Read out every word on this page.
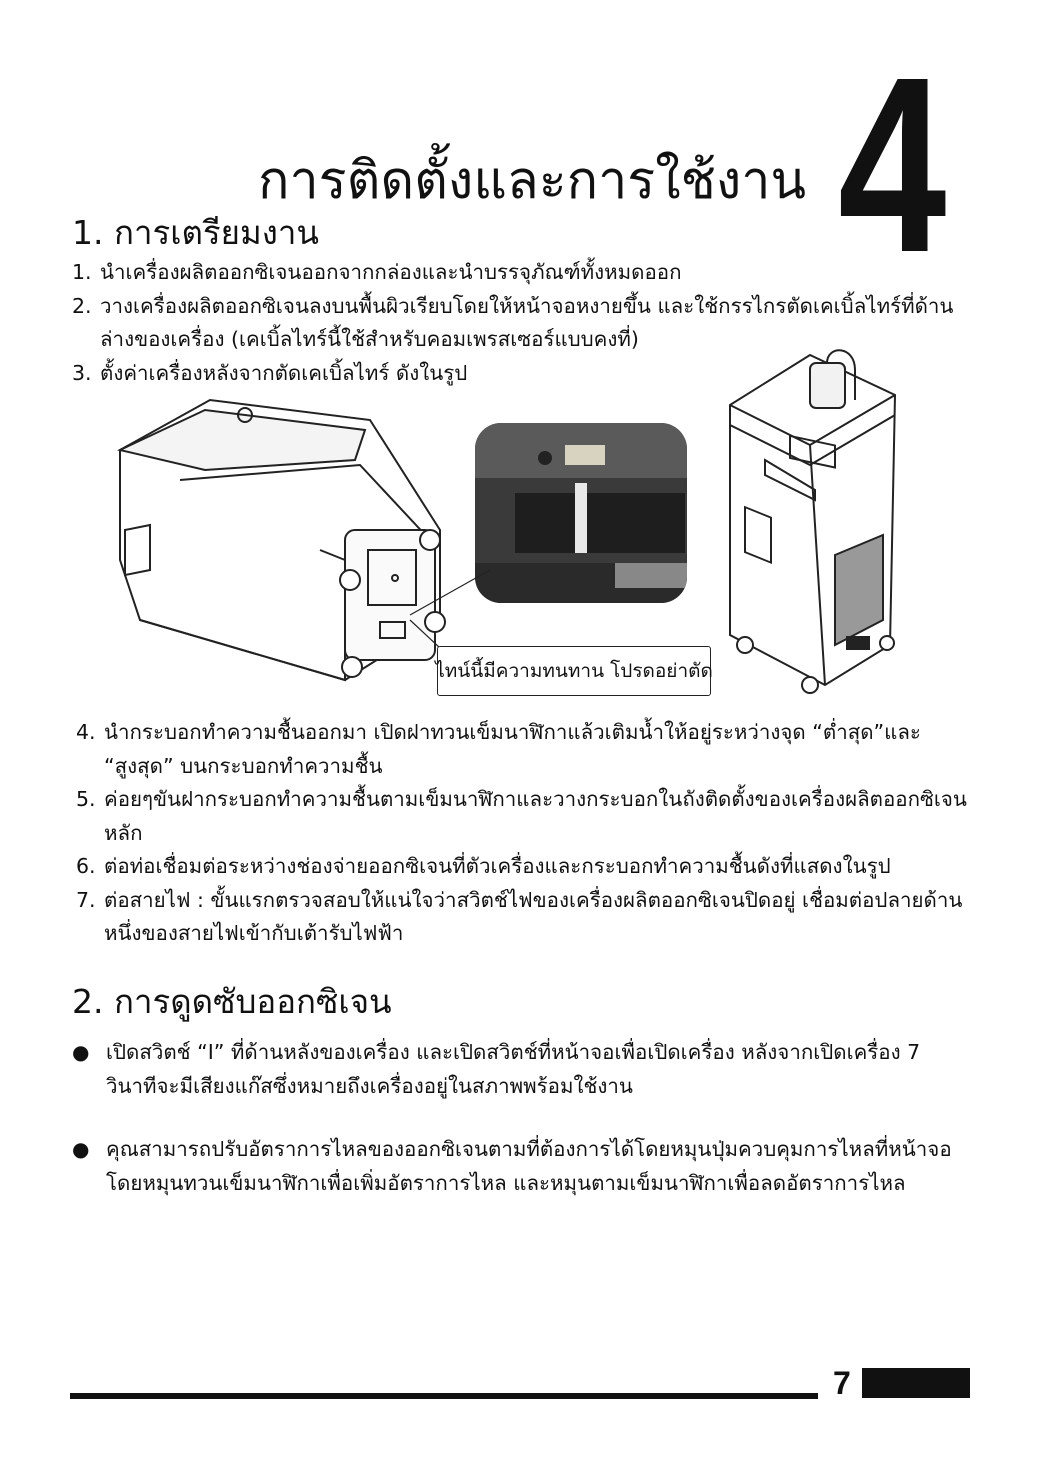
การติดตั้งและการใช้งาน 4
1. การเตรียมงาน
1. นำเครื่องผลิตออกซิเจนออกจากกล่องและนำบรรจุภัณฑ์ทั้งหมดออก
2. วางเครื่องผลิตออกซิเจนลงบนพื้นผิวเรียบโดยให้หน้าจอหงายขึ้น และใช้กรรไกรตัดเคเบิ้ลไทร์ที่ด้านล่างของเครื่อง (เคเบิ้ลไทร์นี้ใช้สำหรับคอมเพรสเซอร์แบบคงที่)
3. ตั้งค่าเครื่องหลังจากตัดเคเบิ้ลไทร์ ดังในรูป
ไทน์นี้มีความทนทาน โปรดอย่าตัด
4. นำกระบอกทำความชื้นออกมา เปิดฝาทวนเข็มนาฬิกาแล้วเติมน้ำให้อยู่ระหว่างจุด “ต่ำสุด”และ “สูงสุด” บนกระบอกทำความชื้น
5. ค่อยๆขันฝากระบอกทำความชื้นตามเข็มนาฬิกาและวางกระบอกในถังติดตั้งของเครื่องผลิตออกซิเจนหลัก
6. ต่อท่อเชื่อมต่อระหว่างช่องจ่ายออกซิเจนที่ตัวเครื่องและกระบอกทำความชื้นดังที่แสดงในรูป
7. ต่อสายไฟ : ขั้นแรกตรวจสอบให้แน่ใจว่าสวิตช์ไฟของเครื่องผลิตออกซิเจนปิดอยู่ เชื่อมต่อปลายด้านหนึ่งของสายไฟเข้ากับเต้ารับไฟฟ้า
2. การดูดซับออกซิเจน
● เปิดสวิตช์ “I” ที่ด้านหลังของเครื่อง และเปิดสวิตช์ที่หน้าจอเพื่อเปิดเครื่อง หลังจากเปิดเครื่อง 7 วินาทีจะมีเสียงแก๊สซึ่งหมายถึงเครื่องอยู่ในสภาพพร้อมใช้งาน
● คุณสามารถปรับอัตราการไหลของออกซิเจนตามที่ต้องการได้โดยหมุนปุ่มควบคุมการไหลที่หน้าจอโดยหมุนทวนเข็มนาฬิกาเพื่อเพิ่มอัตราการไหล และหมุนตามเข็มนาฬิกาเพื่อลดอัตราการไหล
7
